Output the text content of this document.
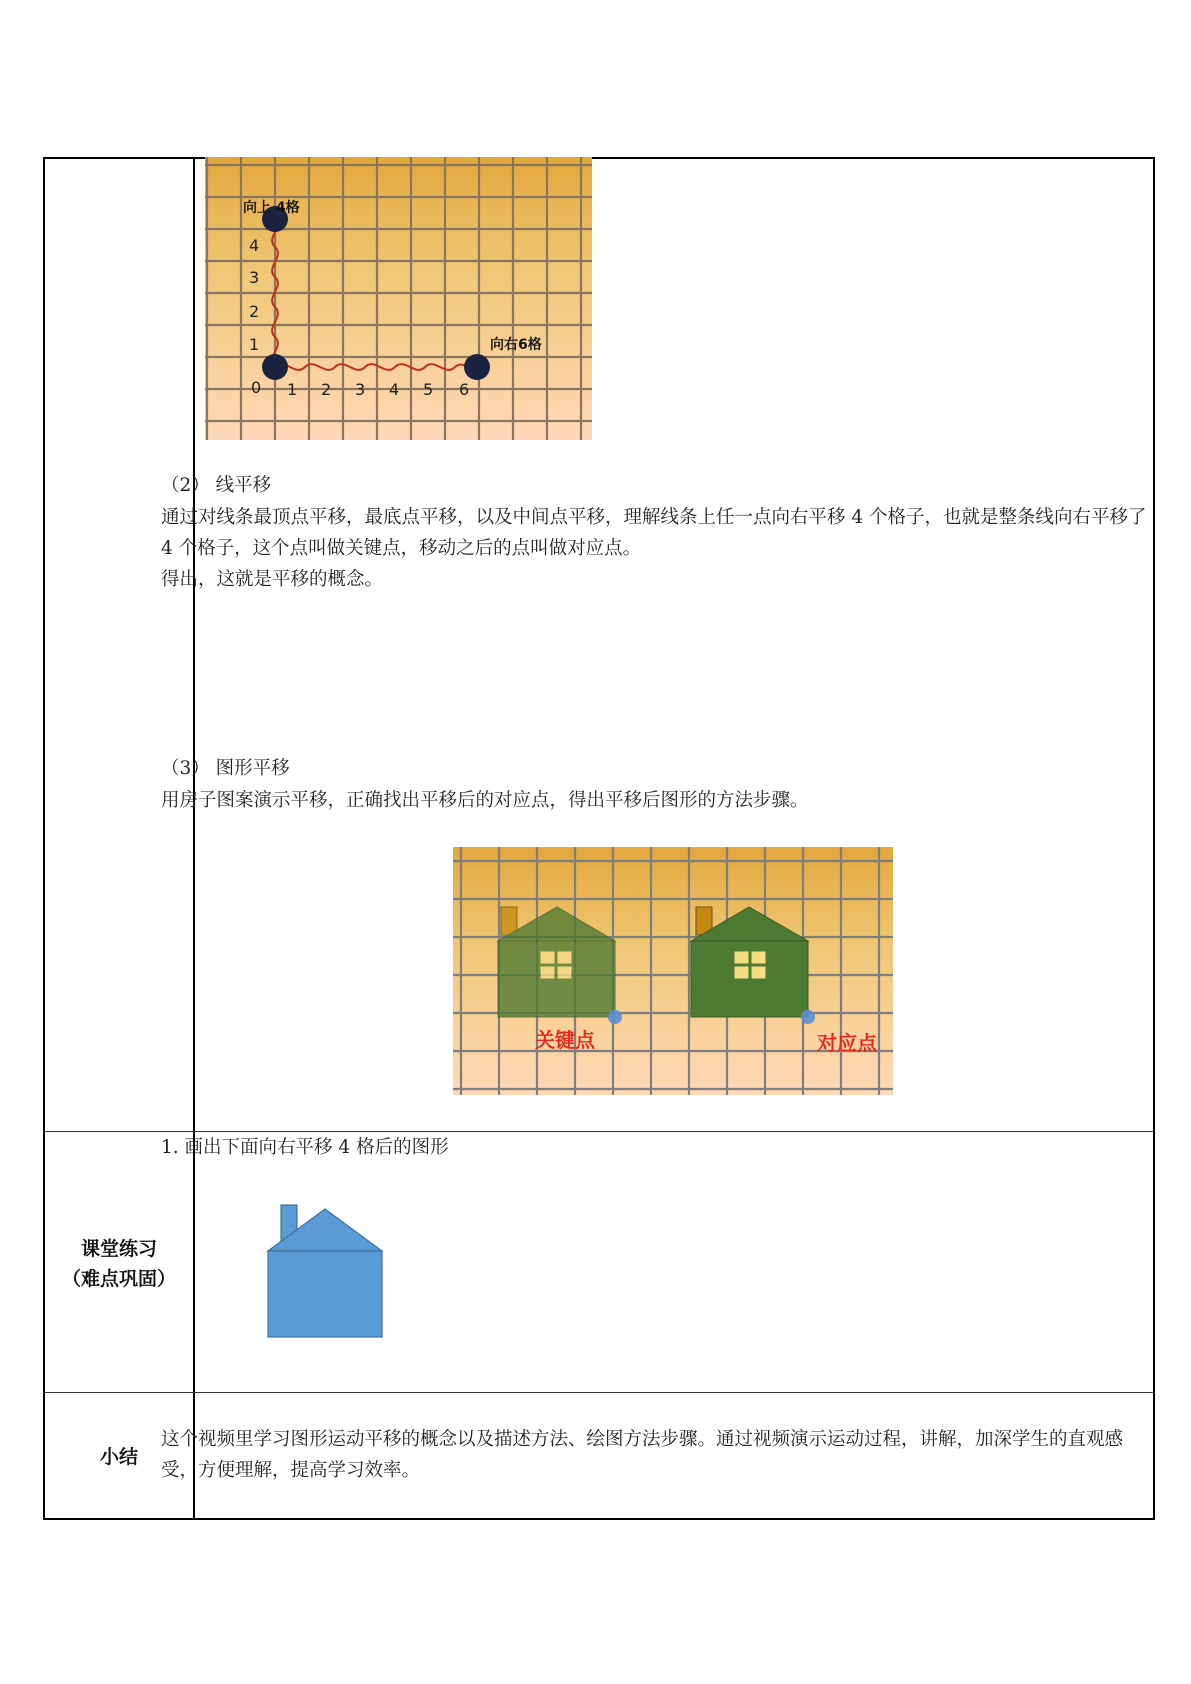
课堂练习
（难点巩固）
小结
向上 4格
向右6格
4
3
2
1
0 1 2 3 4 5 6
（2） 线平移
通过对线条最顶点平移，最底点平移，以及中间点平移，理解线条上任一点向右平移 4 个格子，也就是整条线向右平移了 4 个格子，这个点叫做关键点，移动之后的点叫做对应点。
得出，这就是平移的概念。
（3） 图形平移
用房子图案演示平移，正确找出平移后的对应点，得出平移后图形的方法步骤。
关键点	对应点
1. 画出下面向右平移 4 格后的图形
这个视频里学习图形运动平移的概念以及描述方法、绘图方法步骤。通过视频演示运动过程，讲解，加深学生的直观感受，方便理解，提高学习效率。
